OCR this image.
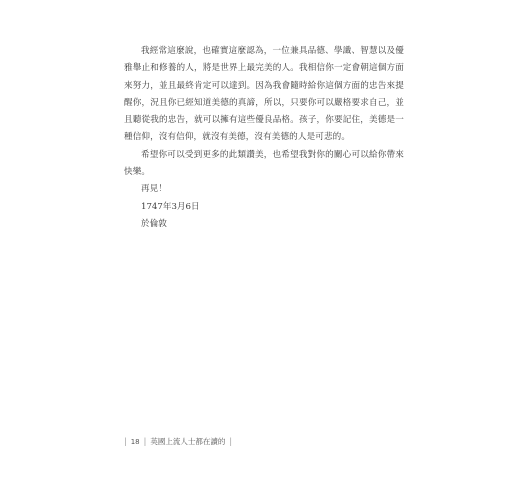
我經常這麼說，也確實這麼認為，一位兼具品德、學識、智慧以及優雅舉止和修養的人，將是世界上最完美的人。我相信你一定會朝這個方面來努力，並且最終肯定可以達到。因為我會隨時給你這個方面的忠告來提醒你，況且你已經知道美德的真諦，所以，只要你可以嚴格要求自己，並且聽從我的忠告，就可以擁有這些優良品格。孩子，你要記住，美德是一種信仰，沒有信仰，就沒有美德，沒有美德的人是可悲的。

希望你可以受到更多的此類讚美，也希望我對你的關心可以給你帶來快樂。

再見！

1747年3月6日

於倫敦

| 18 | 英國上流人士都在讀的 |
